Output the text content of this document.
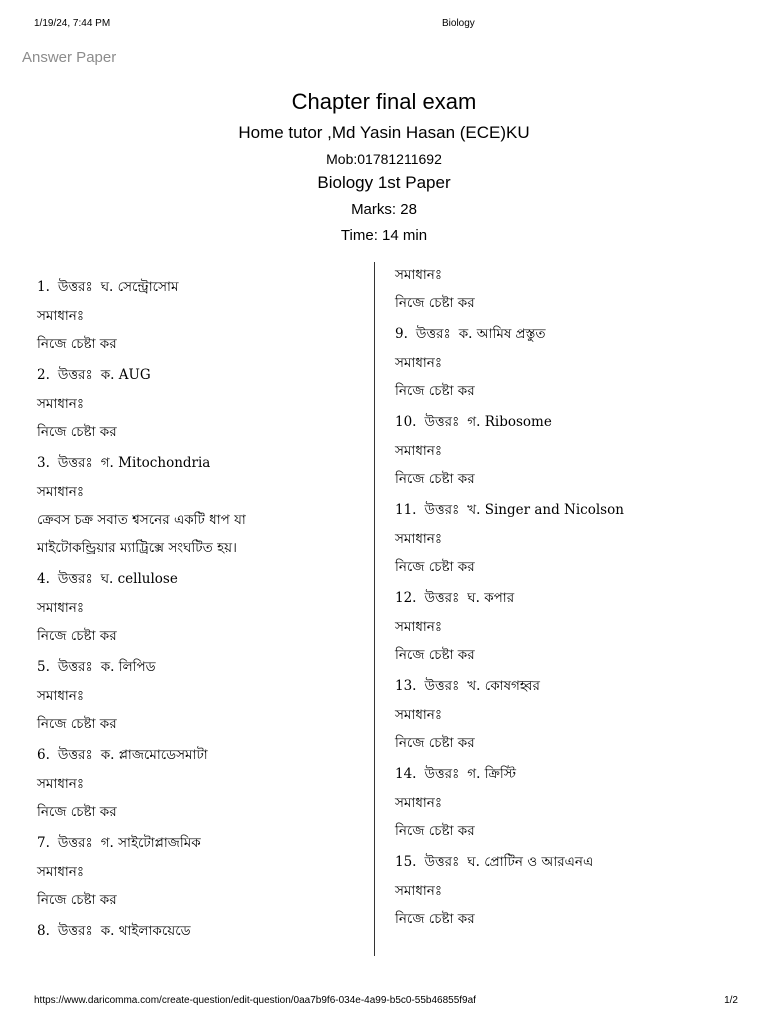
1/19/24, 7:44 PM	Biology
Answer Paper
Chapter final exam
Home tutor ,Md Yasin Hasan (ECE)KU
Mob:01781211692
Biology 1st Paper
Marks: 28
Time: 14 min
1. উত্তরঃ ঘ. সেন্ট্রোসোম
সমাধানঃ
নিজে চেষ্টা কর
2. উত্তরঃ ক. AUG
সমাধানঃ
নিজে চেষ্টা কর
3. উত্তরঃ গ. Mitochondria
সমাধানঃ
ক্রেবস চক্র সবাত শ্বসনের একটি ধাপ যা
মাইটোকন্ড্রিয়ার ম্যাট্রিক্সে সংঘটিত হয়।
4. উত্তরঃ ঘ. cellulose
সমাধানঃ
নিজে চেষ্টা কর
5. উত্তরঃ ক. লিপিড
সমাধানঃ
নিজে চেষ্টা কর
6. উত্তরঃ ক. প্লাজমোডেসমাটা
সমাধানঃ
নিজে চেষ্টা কর
7. উত্তরঃ গ. সাইটোপ্লাজমিক
সমাধানঃ
নিজে চেষ্টা কর
8. উত্তরঃ ক. থাইলাকয়েডে
সমাধানঃ
নিজে চেষ্টা কর
9. উত্তরঃ ক. আমিষ প্রস্তুত
সমাধানঃ
নিজে চেষ্টা কর
10. উত্তরঃ গ. Ribosome
সমাধানঃ
নিজে চেষ্টা কর
11. উত্তরঃ খ. Singer and Nicolson
সমাধানঃ
নিজে চেষ্টা কর
12. উত্তরঃ ঘ. কপার
সমাধানঃ
নিজে চেষ্টা কর
13. উত্তরঃ খ. কোষগহ্বর
সমাধানঃ
নিজে চেষ্টা কর
14. উত্তরঃ গ. ক্রিস্টি
সমাধানঃ
নিজে চেষ্টা কর
15. উত্তরঃ ঘ. প্রোটিন ও আরএনএ
সমাধানঃ
নিজে চেষ্টা কর
https://www.daricomma.com/create-question/edit-question/0aa7b9f6-034e-4a99-b5c0-55b46855f9af	1/2
